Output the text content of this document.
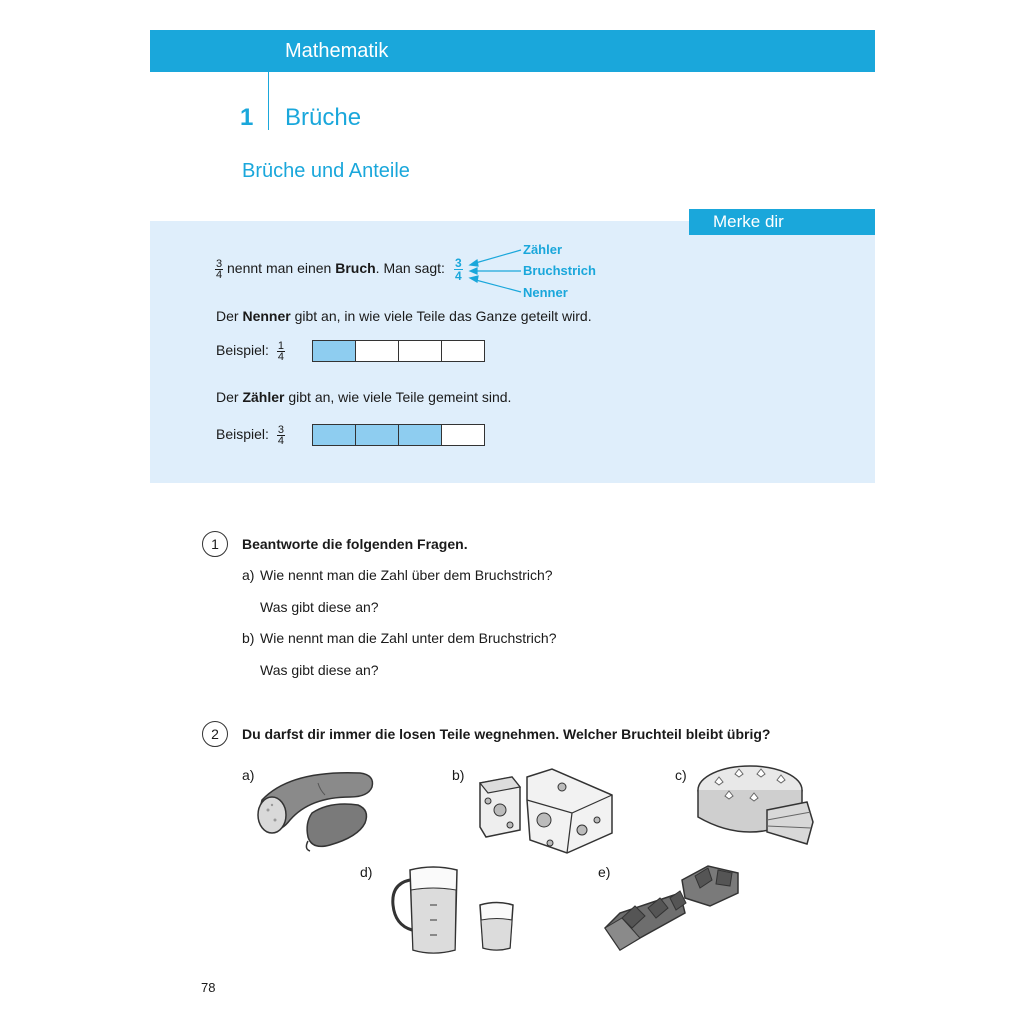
Mathematik
1 Brüche
Brüche und Anteile
Merke dir
$\frac{3}{4}$ nennt man einen Bruch. Man sagt: $\frac{3}{4}$
Zähler
Bruchstrich
Nenner
Der Nenner gibt an, in wie viele Teile das Ganze geteilt wird.
Beispiel: $\frac{1}{4}$
Der Zähler gibt an, wie viele Teile gemeint sind.
Beispiel: $\frac{3}{4}$
1	Beantworte die folgenden Fragen.
a) Wie nennt man die Zahl über dem Bruchstrich?
Was gibt diese an?
b) Wie nennt man die Zahl unter dem Bruchstrich?
Was gibt diese an?
2	Du darfst dir immer die losen Teile wegnehmen. Welcher Bruchteil bleibt übrig?
a)	b)	c)
d)	e)
78
